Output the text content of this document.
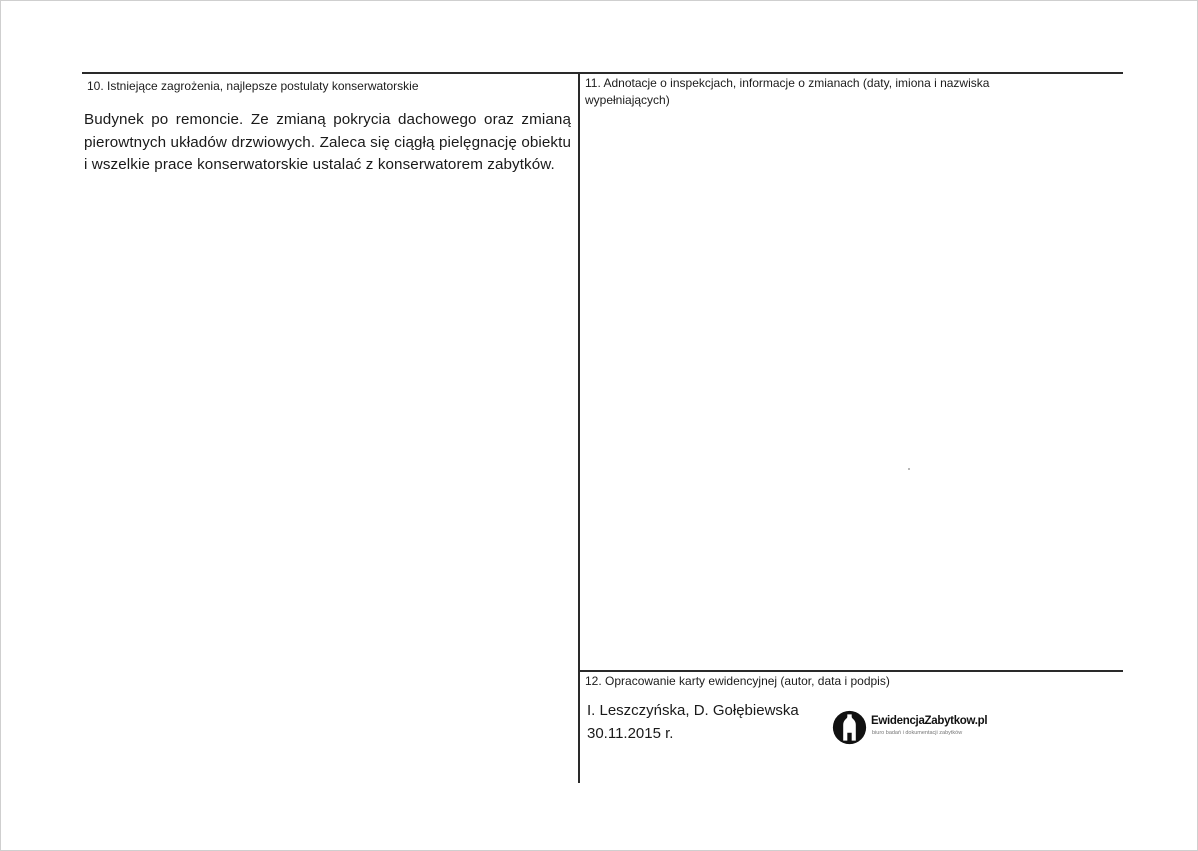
10. Istniejące zagrożenia, najlepsze postulaty konserwatorskie
Budynek po remoncie. Ze zmianą pokrycia dachowego oraz zmianą pierowtnych układów drzwiowych. Zaleca się ciągłą pielęgnację obiektu i wszelkie prace konserwatorskie ustalać z konserwatorem zabytków.
11. Adnotacje o inspekcjach, informacje o zmianach (daty, imiona i nazwiska wypełniających)
12. Opracowanie karty ewidencyjnej (autor, data i podpis)
I. Leszczyńska, D. Gołębiewska
30.11.2015 r.
EwidencjaZabytkow.pl
biuro badań i dokumentacji zabytków
